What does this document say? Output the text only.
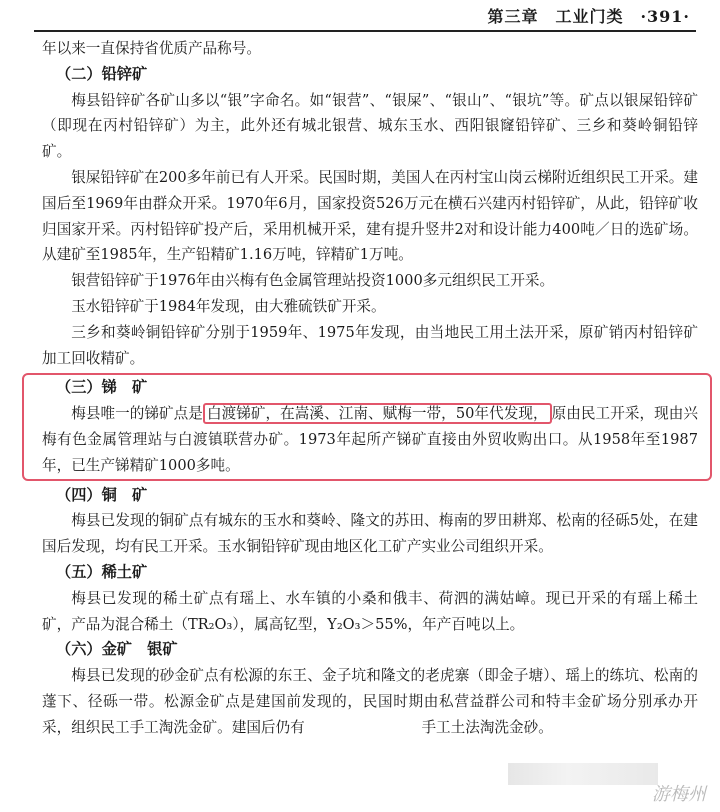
第三章　工业门类　·391·

年以来一直保持省优质产品称号。

（二）铅锌矿

梅县铅锌矿各矿山多以“银”字命名。如“银营”、“银屎”、“银山”、“银坑”等。矿点以银屎铅锌矿（即现在丙村铅锌矿）为主，此外还有城北银营、城东玉水、西阳银窿铅锌矿、三乡和葵岭铜铅锌矿。

银屎铅锌矿在200多年前已有人开采。民国时期，美国人在丙村宝山岗云梯附近组织民工开采。建国后至1969年由群众开采。1970年6月，国家投资526万元在横石兴建丙村铅锌矿，从此，铅锌矿收归国家开采。丙村铅锌矿投产后，采用机械开采，建有提升竖井2对和设计能力400吨／日的选矿场。从建矿至1985年，生产铅精矿1.16万吨，锌精矿1万吨。

银营铅锌矿于1976年由兴梅有色金属管理站投资1000多元组织民工开采。

玉水铅锌矿于1984年发现，由大雅硫铁矿开采。

三乡和葵岭铜铅锌矿分别于1959年、1975年发现，由当地民工用土法开采，原矿销丙村铅锌矿加工回收精矿。

（三）锑　矿

梅县唯一的锑矿点是 白渡锑矿，在嵩溪、江南、赋梅一带，50年代发现， 原由民工开采，现由兴梅有色金属管理站与白渡镇联营办矿。1973年起所产锑矿直接由外贸收购出口。从1958年至1987年，已生产锑精矿1000多吨。

（四）铜　矿

梅县已发现的铜矿点有城东的玉水和葵岭、隆文的苏田、梅南的罗田耕郑、松南的径砾5处，在建国后发现，均有民工开采。玉水铜铅锌矿现由地区化工矿产实业公司组织开采。

（五）稀土矿

梅县已发现的稀土矿点有瑶上、水车镇的小桑和俄丰、荷泗的满姑嶂。现已开采的有瑶上稀土矿，产品为混合稀土（TR₂O₃），属高钇型，Y₂O₃＞55%，年产百吨以上。

（六）金矿　银矿

梅县已发现的砂金矿点有松源的东王、金子坑和隆文的老虎寨（即金子塘）、瑶上的练坑、松南的蓬下、径砾一带。松源金矿点是建国前发现的，民国时期由私营益群公司和特丰金矿场分别承办开采，组织民工手工淘洗金矿。建国后仍有　　　　　　　　手工土法淘洗金砂。

游梅州
